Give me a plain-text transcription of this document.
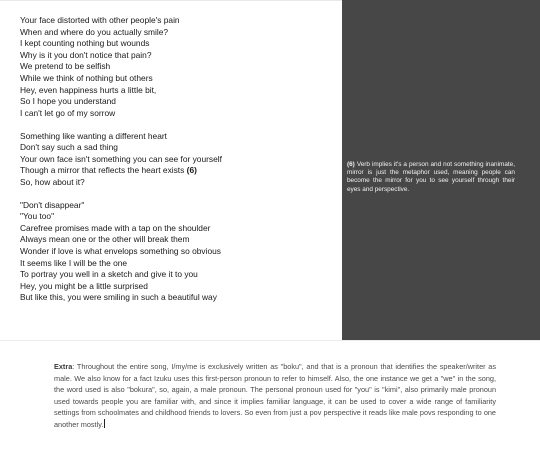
Your face distorted with other people's pain
When and where do you actually smile?
I kept counting nothing but wounds
Why is it you don't notice that pain?
We pretend to be selfish
While we think of nothing but others
Hey, even happiness hurts a little bit,
So I hope you understand
I can't let go of my sorrow
Something like wanting a different heart
Don't say such a sad thing
Your own face isn't something you can see for yourself
Though a mirror that reflects the heart exists (6)
So, how about it?
"Don't disappear"
"You too"
Carefree promises made with a tap on the shoulder
Always mean one or the other will break them
Wonder if love is what envelops something so obvious
It seems like I will be the one
To portray you well in a sketch and give it to you
Hey, you might be a little surprised
But like this, you were smiling in such a beautiful way
(6) Verb implies it's a person and not something inanimate, mirror is just the metaphor used, meaning people can become the mirror for you to see yourself through their eyes and perspective.
Extra: Throughout the entire song, I/my/me is exclusively written as "boku", and that is a pronoun that identifies the speaker/writer as male. We also know for a fact Izuku uses this first-person pronoun to refer to himself. Also, the one instance we get a "we" in the song, the word used is also "bokura", so, again, a male pronoun. The personal pronoun used for "you" is "kimi", also primarily male pronoun used towards people you are familiar with, and since it implies familiar language, it can be used to cover a wide range of familiarity settings from schoolmates and childhood friends to lovers. So even from just a pov perspective it reads like male povs responding to one another mostly.
